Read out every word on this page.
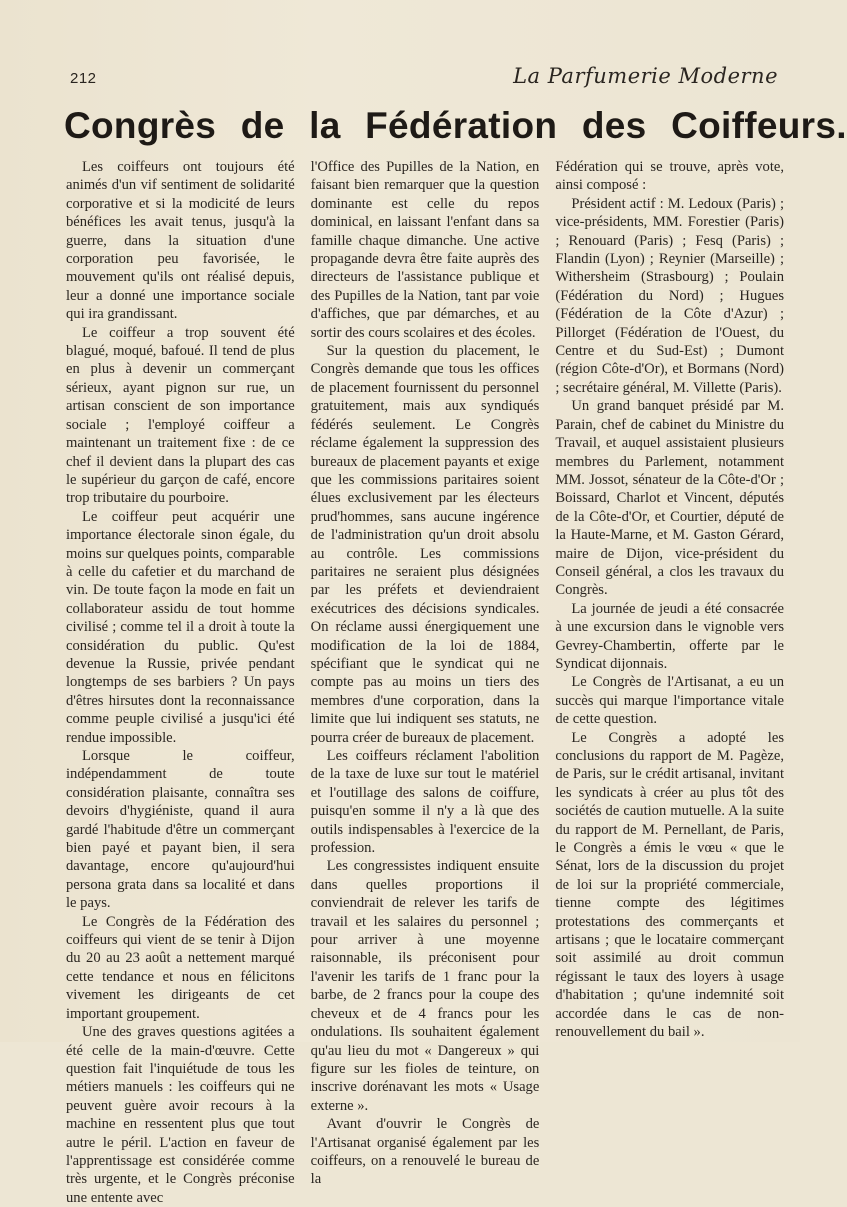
212	La Parfumerie Moderne
Congrès de la Fédération des Coiffeurs.

Les coiffeurs ont toujours été animés d'un vif sentiment de solidarité corporative et si la modicité de leurs bénéfices les avait tenus, jusqu'à la guerre, dans la situation d'une corporation peu favorisée, le mouvement qu'ils ont réalisé depuis, leur a donné une importance sociale qui ira grandissant.

Le coiffeur a trop souvent été blagué, moqué, bafoué. Il tend de plus en plus à devenir un commerçant sérieux, ayant pignon sur rue, un artisan conscient de son importance sociale ; l'employé coiffeur a maintenant un traitement fixe : de ce chef il devient dans la plupart des cas le supérieur du garçon de café, encore trop tributaire du pourboire.

Le coiffeur peut acquérir une importance électorale sinon égale, du moins sur quelques points, comparable à celle du cafetier et du marchand de vin. De toute façon la mode en fait un collaborateur assidu de tout homme civilisé ; comme tel il a droit à toute la considération du public. Qu'est devenue la Russie, privée pendant longtemps de ses barbiers ? Un pays d'êtres hirsutes dont la reconnaissance comme peuple civilisé a jusqu'ici été rendue impossible.

Lorsque le coiffeur, indépendamment de toute considération plaisante, connaîtra ses devoirs d'hygiéniste, quand il aura gardé l'habitude d'être un commerçant bien payé et payant bien, il sera davantage, encore qu'aujourd'hui persona grata dans sa localité et dans le pays.

Le Congrès de la Fédération des coiffeurs qui vient de se tenir à Dijon du 20 au 23 août a nettement marqué cette tendance et nous en félicitons vivement les dirigeants de cet important groupement.

Une des graves questions agitées a été celle de la main-d'œuvre. Cette question fait l'inquiétude de tous les métiers manuels : les coiffeurs qui ne peuvent guère avoir recours à la machine en ressentent plus que tout autre le péril. L'action en faveur de l'apprentissage est considérée comme très urgente, et le Congrès préconise une entente avec

l'Office des Pupilles de la Nation, en faisant bien remarquer que la question dominante est celle du repos dominical, en laissant l'enfant dans sa famille chaque dimanche. Une active propagande devra être faite auprès des directeurs de l'assistance publique et des Pupilles de la Nation, tant par voie d'affiches, que par démarches, et au sortir des cours scolaires et des écoles.

Sur la question du placement, le Congrès demande que tous les offices de placement fournissent du personnel gratuitement, mais aux syndiqués fédérés seulement. Le Congrès réclame également la suppression des bureaux de placement payants et exige que les commissions paritaires soient élues exclusivement par les électeurs prud'hommes, sans aucune ingérence de l'administration qu'un droit absolu au contrôle. Les commissions paritaires ne seraient plus désignées par les préfets et deviendraient exécutrices des décisions syndicales. On réclame aussi énergiquement une modification de la loi de 1884, spécifiant que le syndicat qui ne compte pas au moins un tiers des membres d'une corporation, dans la limite que lui indiquent ses statuts, ne pourra créer de bureaux de placement.

Les coiffeurs réclament l'abolition de la taxe de luxe sur tout le matériel et l'outillage des salons de coiffure, puisqu'en somme il n'y a là que des outils indispensables à l'exercice de la profession.

Les congressistes indiquent ensuite dans quelles proportions il conviendrait de relever les tarifs de travail et les salaires du personnel ; pour arriver à une moyenne raisonnable, ils préconisent pour l'avenir les tarifs de 1 franc pour la barbe, de 2 francs pour la coupe des cheveux et de 4 francs pour les ondulations. Ils souhaitent également qu'au lieu du mot « Dangereux » qui figure sur les fioles de teinture, on inscrive dorénavant les mots « Usage externe ».

Avant d'ouvrir le Congrès de l'Artisanat organisé également par les coiffeurs, on a renouvelé le bureau de la

Fédération qui se trouve, après vote, ainsi composé :

Président actif : M. Ledoux (Paris) ; vice-présidents, MM. Forestier (Paris) ; Renouard (Paris) ; Fesq (Paris) ; Flandin (Lyon) ; Reynier (Marseille) ; Withersheim (Strasbourg) ; Poulain (Fédération du Nord) ; Hugues (Fédération de la Côte d'Azur) ; Pillorget (Fédération de l'Ouest, du Centre et du Sud-Est) ; Dumont (région Côte-d'Or), et Bormans (Nord) ; secrétaire général, M. Villette (Paris).

Un grand banquet présidé par M. Parain, chef de cabinet du Ministre du Travail, et auquel assistaient plusieurs membres du Parlement, notamment MM. Jossot, sénateur de la Côte-d'Or ; Boissard, Charlot et Vincent, députés de la Côte-d'Or, et Courtier, député de la Haute-Marne, et M. Gaston Gérard, maire de Dijon, vice-président du Conseil général, a clos les travaux du Congrès.

La journée de jeudi a été consacrée à une excursion dans le vignoble vers Gevrey-Chambertin, offerte par le Syndicat dijonnais.

Le Congrès de l'Artisanat, a eu un succès qui marque l'importance vitale de cette question.

Le Congrès a adopté les conclusions du rapport de M. Pagèze, de Paris, sur le crédit artisanal, invitant les syndicats à créer au plus tôt des sociétés de caution mutuelle. A la suite du rapport de M. Pernellant, de Paris, le Congrès a émis le vœu « que le Sénat, lors de la discussion du projet de loi sur la propriété commerciale, tienne compte des légitimes protestations des commerçants et artisans ; que le locataire commerçant soit assimilé au droit commun régissant le taux des loyers à usage d'habitation ; qu'une indemnité soit accordée dans le cas de non-renouvellement du bail ».
